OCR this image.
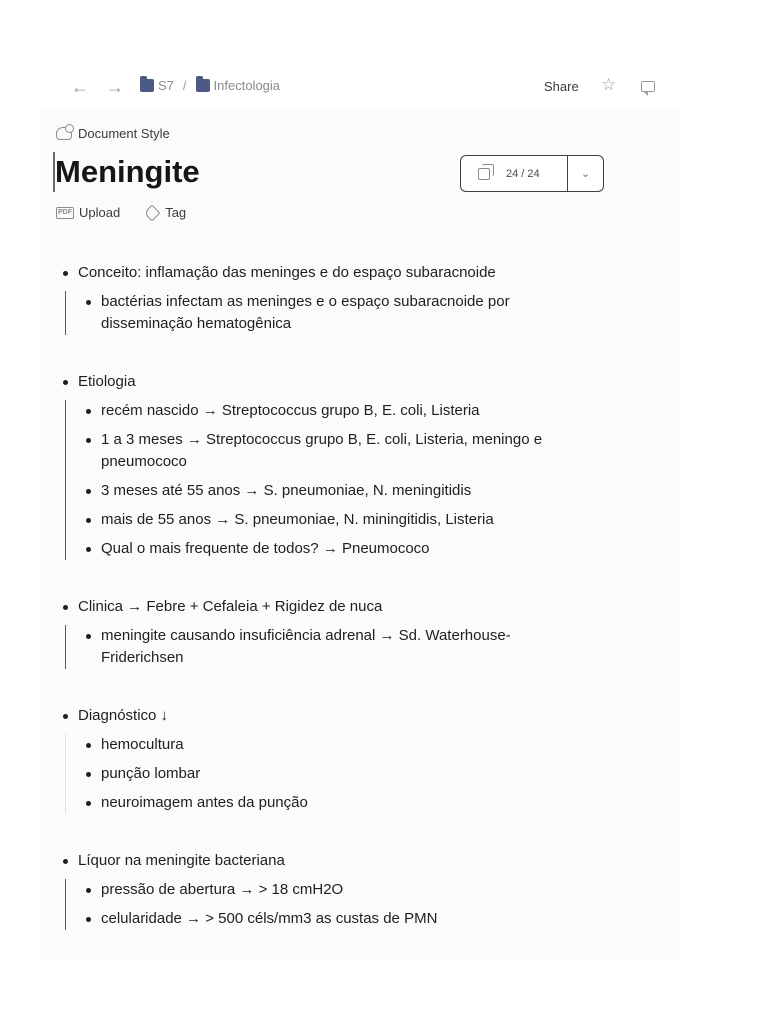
← →	S7 / Infectologia	Share ☆
Document Style
Meningite	24 / 24	⌄
PDF Upload	Tag
Conceito: inflamação das meninges e do espaço subaracnoide
bactérias infectam as meninges e o espaço subaracnoide por disseminação hematogênica
Etiologia
recém nascido → Streptococcus grupo B, E. coli, Listeria
1 a 3 meses → Streptococcus grupo B, E. coli, Listeria, meningo e pneumococo
3 meses até 55 anos → S. pneumoniae, N. meningitidis
mais de 55 anos → S. pneumoniae, N. miningitidis, Listeria
Qual o mais frequente de todos? → Pneumococo
Clinica → Febre + Cefaleia + Rigidez de nuca
meningite causando insuficiência adrenal → Sd. Waterhouse-Friderichsen
Diagnóstico ↓
hemocultura
punção lombar
neuroimagem antes da punção
Líquor na meningite bacteriana
pressão de abertura → > 18 cmH2O
celularidade → > 500 céls/mm3 as custas de PMN
